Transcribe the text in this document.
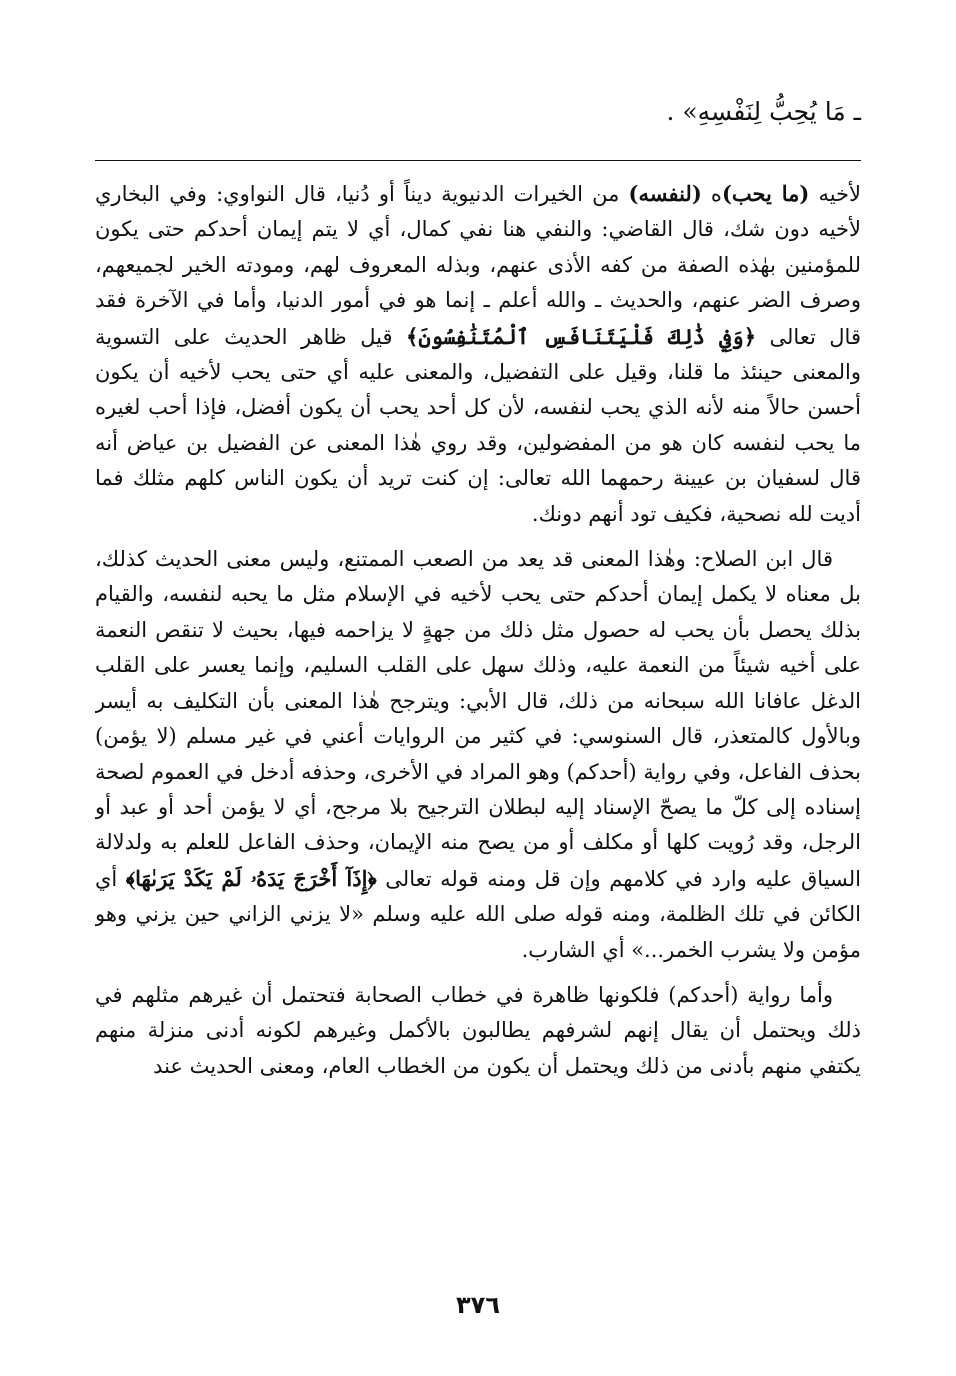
ـ مَا يُحِبُّ لِنَفْسِهِ» .

لأخيه (ما يحب)ه (لنفسه) من الخيرات الدنيوية ديناً أو دُنيا، قال النواوي: وفي البخاري لأخيه دون شك، قال القاضي: والنفي هنا نفي كمال، أي لا يتم إيمان أحدكم حتى يكون للمؤمنين بهٰذه الصفة من كفه الأذى عنهم، وبذله المعروف لهم، ومودته الخير لجميعهم، وصرف الضر عنهم، والحديث ـ والله أعلم ـ إنما هو في أمور الدنيا، وأما في الآخرة فقد قال تعالى ﴿وَفِي ذَٰلِكَ فَلْيَتَنَافَسِ ٱلْمُتَنَٰفِسُونَ﴾ قيل ظاهر الحديث على التسوية والمعنى حينئذ ما قلنا، وقيل على التفضيل، والمعنى عليه أي حتى يحب لأخيه أن يكون أحسن حالاً منه لأنه الذي يحب لنفسه، لأن كل أحد يحب أن يكون أفضل، فإذا أحب لغيره ما يحب لنفسه كان هو من المفضولين، وقد روي هٰذا المعنى عن الفضيل بن عياض أنه قال لسفيان بن عيينة رحمهما الله تعالى: إن كنت تريد أن يكون الناس كلهم مثلك فما أديت لله نصحية، فكيف تود أنهم دونك.

قال ابن الصلاح: وهٰذا المعنى قد يعد من الصعب الممتنع، وليس معنى الحديث كذلك، بل معناه لا يكمل إيمان أحدكم حتى يحب لأخيه في الإسلام مثل ما يحبه لنفسه، والقيام بذلك يحصل بأن يحب له حصول مثل ذلك من جهةٍ لا يزاحمه فيها، بحيث لا تنقص النعمة على أخيه شيئاً من النعمة عليه، وذلك سهل على القلب السليم، وإنما يعسر على القلب الدغل عافانا الله سبحانه من ذلك، قال الأبي: ويترجح هٰذا المعنى بأن التكليف به أيسر وبالأول كالمتعذر، قال السنوسي: في كثير من الروايات أعني في غير مسلم (لا يؤمن) بحذف الفاعل، وفي رواية (أحدكم) وهو المراد في الأخرى، وحذفه أدخل في العموم لصحة إسناده إلى كلّ ما يصحّ الإسناد إليه لبطلان الترجيح بلا مرجح، أي لا يؤمن أحد أو عبد أو الرجل، وقد رُويت كلها أو مكلف أو من يصح منه الإيمان، وحذف الفاعل للعلم به ولدلالة السياق عليه وارد في كلامهم وإن قل ومنه قوله تعالى ﴿إِذَآ أَخْرَجَ يَدَهُۥ لَمْ يَكَدْ يَرَىٰهَا﴾ أي الكائن في تلك الظلمة، ومنه قوله صلى الله عليه وسلم «لا يزني الزاني حين يزني وهو مؤمن ولا يشرب الخمر...» أي الشارب.

وأما رواية (أحدكم) فلكونها ظاهرة في خطاب الصحابة فتحتمل أن غيرهم مثلهم في ذلك ويحتمل أن يقال إنهم لشرفهم يطالبون بالأكمل وغيرهم لكونه أدنى منزلة منهم يكتفي منهم بأدنى من ذلك ويحتمل أن يكون من الخطاب العام، ومعنى الحديث عند

٣٧٦
